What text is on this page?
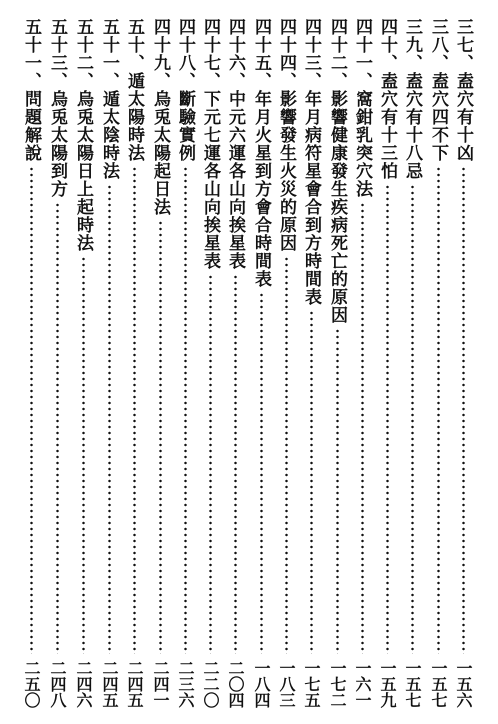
三七、盍穴有十凶
一五六
三八、盍穴四不下
一五七
三九、盍穴有十八忌
一五七
四十、盍穴有十三怕
一五九
四十一、窩鉗乳突穴法
一六一
四十二、影響健康發生疾病死亡的原因
一七二
四十三、年月病符星會合到方時間表
一七五
四十四、影響發生火災的原因
一八三
四十五、年月火星到方會合時間表
一八四
四十六、中元六運各山向挨星表
二〇四
四十七、下元七運各山向挨星表
二二〇
四十八、斷驗實例
二三六
四十九、烏兎太陽起日法
二四一
五十、遁太陽時法
二四五
五十一、遁太陰時法
二四五
五十二、烏兎太陽日上起時法
二四六
五十三、烏兎太陽到方
二四八
五十一、問題解說
二五〇
